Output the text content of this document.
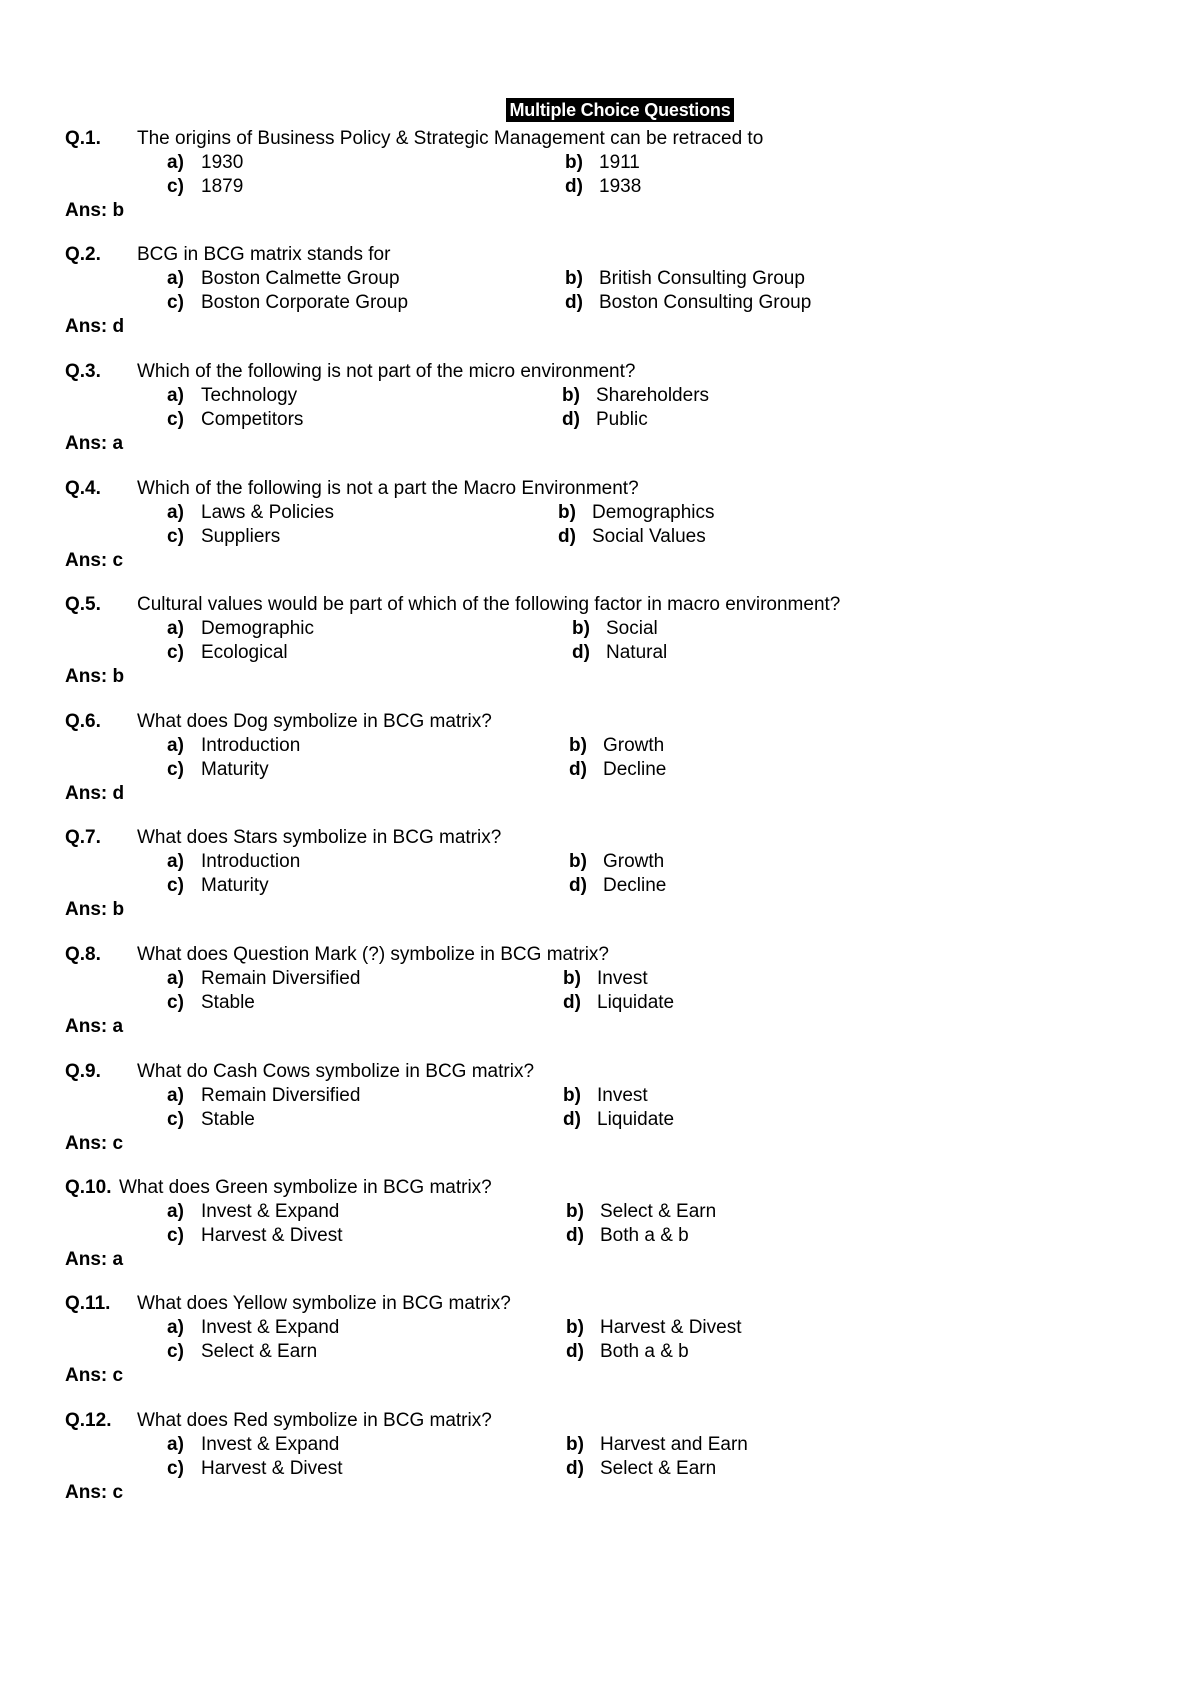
Multiple Choice Questions
Q.1. The origins of Business Policy & Strategic Management can be retraced to
a) 1930	b) 1911
c) 1879	d) 1938
Ans: b
Q.2. BCG in BCG matrix stands for
a) Boston Calmette Group	b) British Consulting Group
c) Boston Corporate Group	d) Boston Consulting Group
Ans: d
Q.3. Which of the following is not part of the micro environment?
a) Technology	b) Shareholders
c) Competitors	d) Public
Ans: a
Q.4. Which of the following is not a part the Macro Environment?
a) Laws & Policies	b) Demographics
c) Suppliers	d) Social Values
Ans: c
Q.5. Cultural values would be part of which of the following factor in macro environment?
a) Demographic	b) Social
c) Ecological	d) Natural
Ans: b
Q.6. What does Dog symbolize in BCG matrix?
a) Introduction	b) Growth
c) Maturity	d) Decline
Ans: d
Q.7. What does Stars symbolize in BCG matrix?
a) Introduction	b) Growth
c) Maturity	d) Decline
Ans: b
Q.8. What does Question Mark (?) symbolize in BCG matrix?
a) Remain Diversified	b) Invest
c) Stable	d) Liquidate
Ans: a
Q.9. What do Cash Cows symbolize in BCG matrix?
a) Remain Diversified	b) Invest
c) Stable	d) Liquidate
Ans: c
Q.10. What does Green symbolize in BCG matrix?
a) Invest & Expand	b) Select & Earn
c) Harvest & Divest	d) Both a & b
Ans: a
Q.11. What does Yellow symbolize in BCG matrix?
a) Invest & Expand	b) Harvest & Divest
c) Select & Earn	d) Both a & b
Ans: c
Q.12. What does Red symbolize in BCG matrix?
a) Invest & Expand	b) Harvest and Earn
c) Harvest & Divest	d) Select & Earn
Ans: c
